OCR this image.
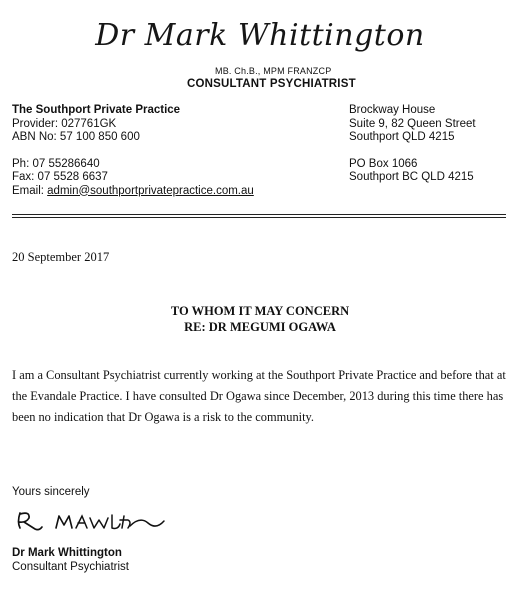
Dr Mark Whittington
MB. Ch.B., MPM FRANZCP
CONSULTANT PSYCHIATRIST
The Southport Private Practice
Provider: 027761GK
ABN No: 57 100 850 600
Ph: 07 55286640
Fax: 07 5528 6637
Email: admin@southportprivatepractice.com.au
Brockway House
Suite 9, 82 Queen Street
Southport QLD 4215
PO Box 1066
Southport BC QLD 4215
20 September 2017
TO WHOM IT MAY CONCERN
RE: DR MEGUMI OGAWA
I am a Consultant Psychiatrist currently working at the Southport Private Practice and before that at the Evandale Practice. I have consulted Dr Ogawa since December, 2013 during this time there has been no indication that Dr Ogawa is a risk to the community.
Yours sincerely
Dr Mark Whittington
Consultant Psychiatrist
